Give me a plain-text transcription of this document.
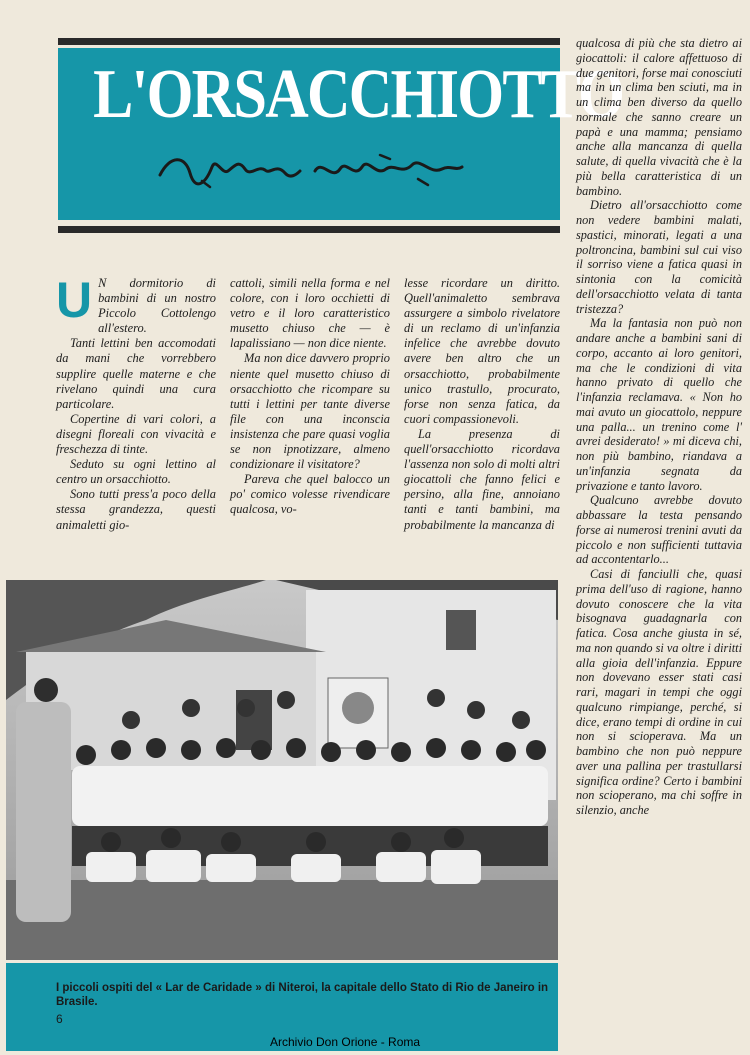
L'ORSACCHIOTTO

U N dormitorio di bambini di un nostro Piccolo Cottolengo all'estero.

Tanti lettini ben accomodati da mani che vorrebbero supplire quelle materne e che rivelano quindi una cura particolare.

Copertine di vari colori, a disegni floreali con vivacità e freschezza di tinte.

Seduto su ogni lettino al centro un orsacchiotto.

Sono tutti press'a poco della stessa grandezza, questi animaletti gio-

cattoli, simili nella forma e nel colore, con i loro occhietti di vetro e il loro caratteristico musetto chiuso che — è lapalissiano — non dice niente.

Ma non dice davvero proprio niente quel musetto chiuso di orsacchiotto che ricompare su tutti i lettini per tante diverse file con una inconscia insistenza che pare quasi voglia se non ipnotizzare, almeno condizionare il visitatore?

Pareva che quel balocco un po' comico volesse rivendicare qualcosa, vo-

lesse ricordare un diritto. Quell'animaletto sembrava assurgere a simbolo rivelatore di un reclamo di un'infanzia infelice che avrebbe dovuto avere ben altro che un orsacchiotto, probabilmente unico trastullo, procurato, forse non senza fatica, da cuori compassionevoli.

La presenza di quell'orsacchiotto ricordava l'assenza non solo di molti altri giocattoli che fanno felici e persino, alla fine, annoiano tanti e tanti bambini, ma probabilmente la mancanza di

qualcosa di più che sta dietro ai giocattoli: il calore affettuoso di due genitori, forse mai conosciuti ma in un clima ben sciuti, ma in un clima ben diverso da quello normale che sanno creare un papà e una mamma; pensiamo anche alla mancanza di quella salute, di quella vivacità che è la più bella caratteristica di un bambino.

Dietro all'orsacchiotto come non vedere bambini malati, spastici, minorati, legati a una poltroncina, bambini sul cui viso il sorriso viene a fatica quasi in sintonia con la comicità dell'orsacchiotto velata di tanta tristezza?

Ma la fantasia non può non andare anche a bambini sani di corpo, accanto ai loro genitori, ma che le condizioni di vita hanno privato di quello che l'infanzia reclamava. « Non ho mai avuto un giocattolo, neppure una palla... un trenino come l' avrei desiderato! » mi diceva chi, non più bambino, riandava a un'infanzia segnata da privazione e tanto lavoro.

Qualcuno avrebbe dovuto abbassare la testa pensando forse ai numerosi trenini avuti da piccolo e non sufficienti tuttavia ad accontentarlo...

Casi di fanciulli che, quasi prima dell'uso di ragione, hanno dovuto conoscere che la vita bisognava guadagnarla con fatica. Cosa anche giusta in sé, ma non quando si va oltre i diritti alla gioia dell'infanzia. Eppure non dovevano esser stati casi rari, magari in tempi che oggi qualcuno rimpiange, perché, si dice, erano tempi di ordine in cui non si scioperava. Ma un bambino che non può neppure aver una pallina per trastullarsi significa ordine? Certo i bambini non scioperano, ma chi soffre in silenzio, anche

I piccoli ospiti del « Lar de Caridade » di Niteroi, la capitale dello Stato di Rio de Janeiro in Brasile.
6
Archivio Don Orione - Roma
